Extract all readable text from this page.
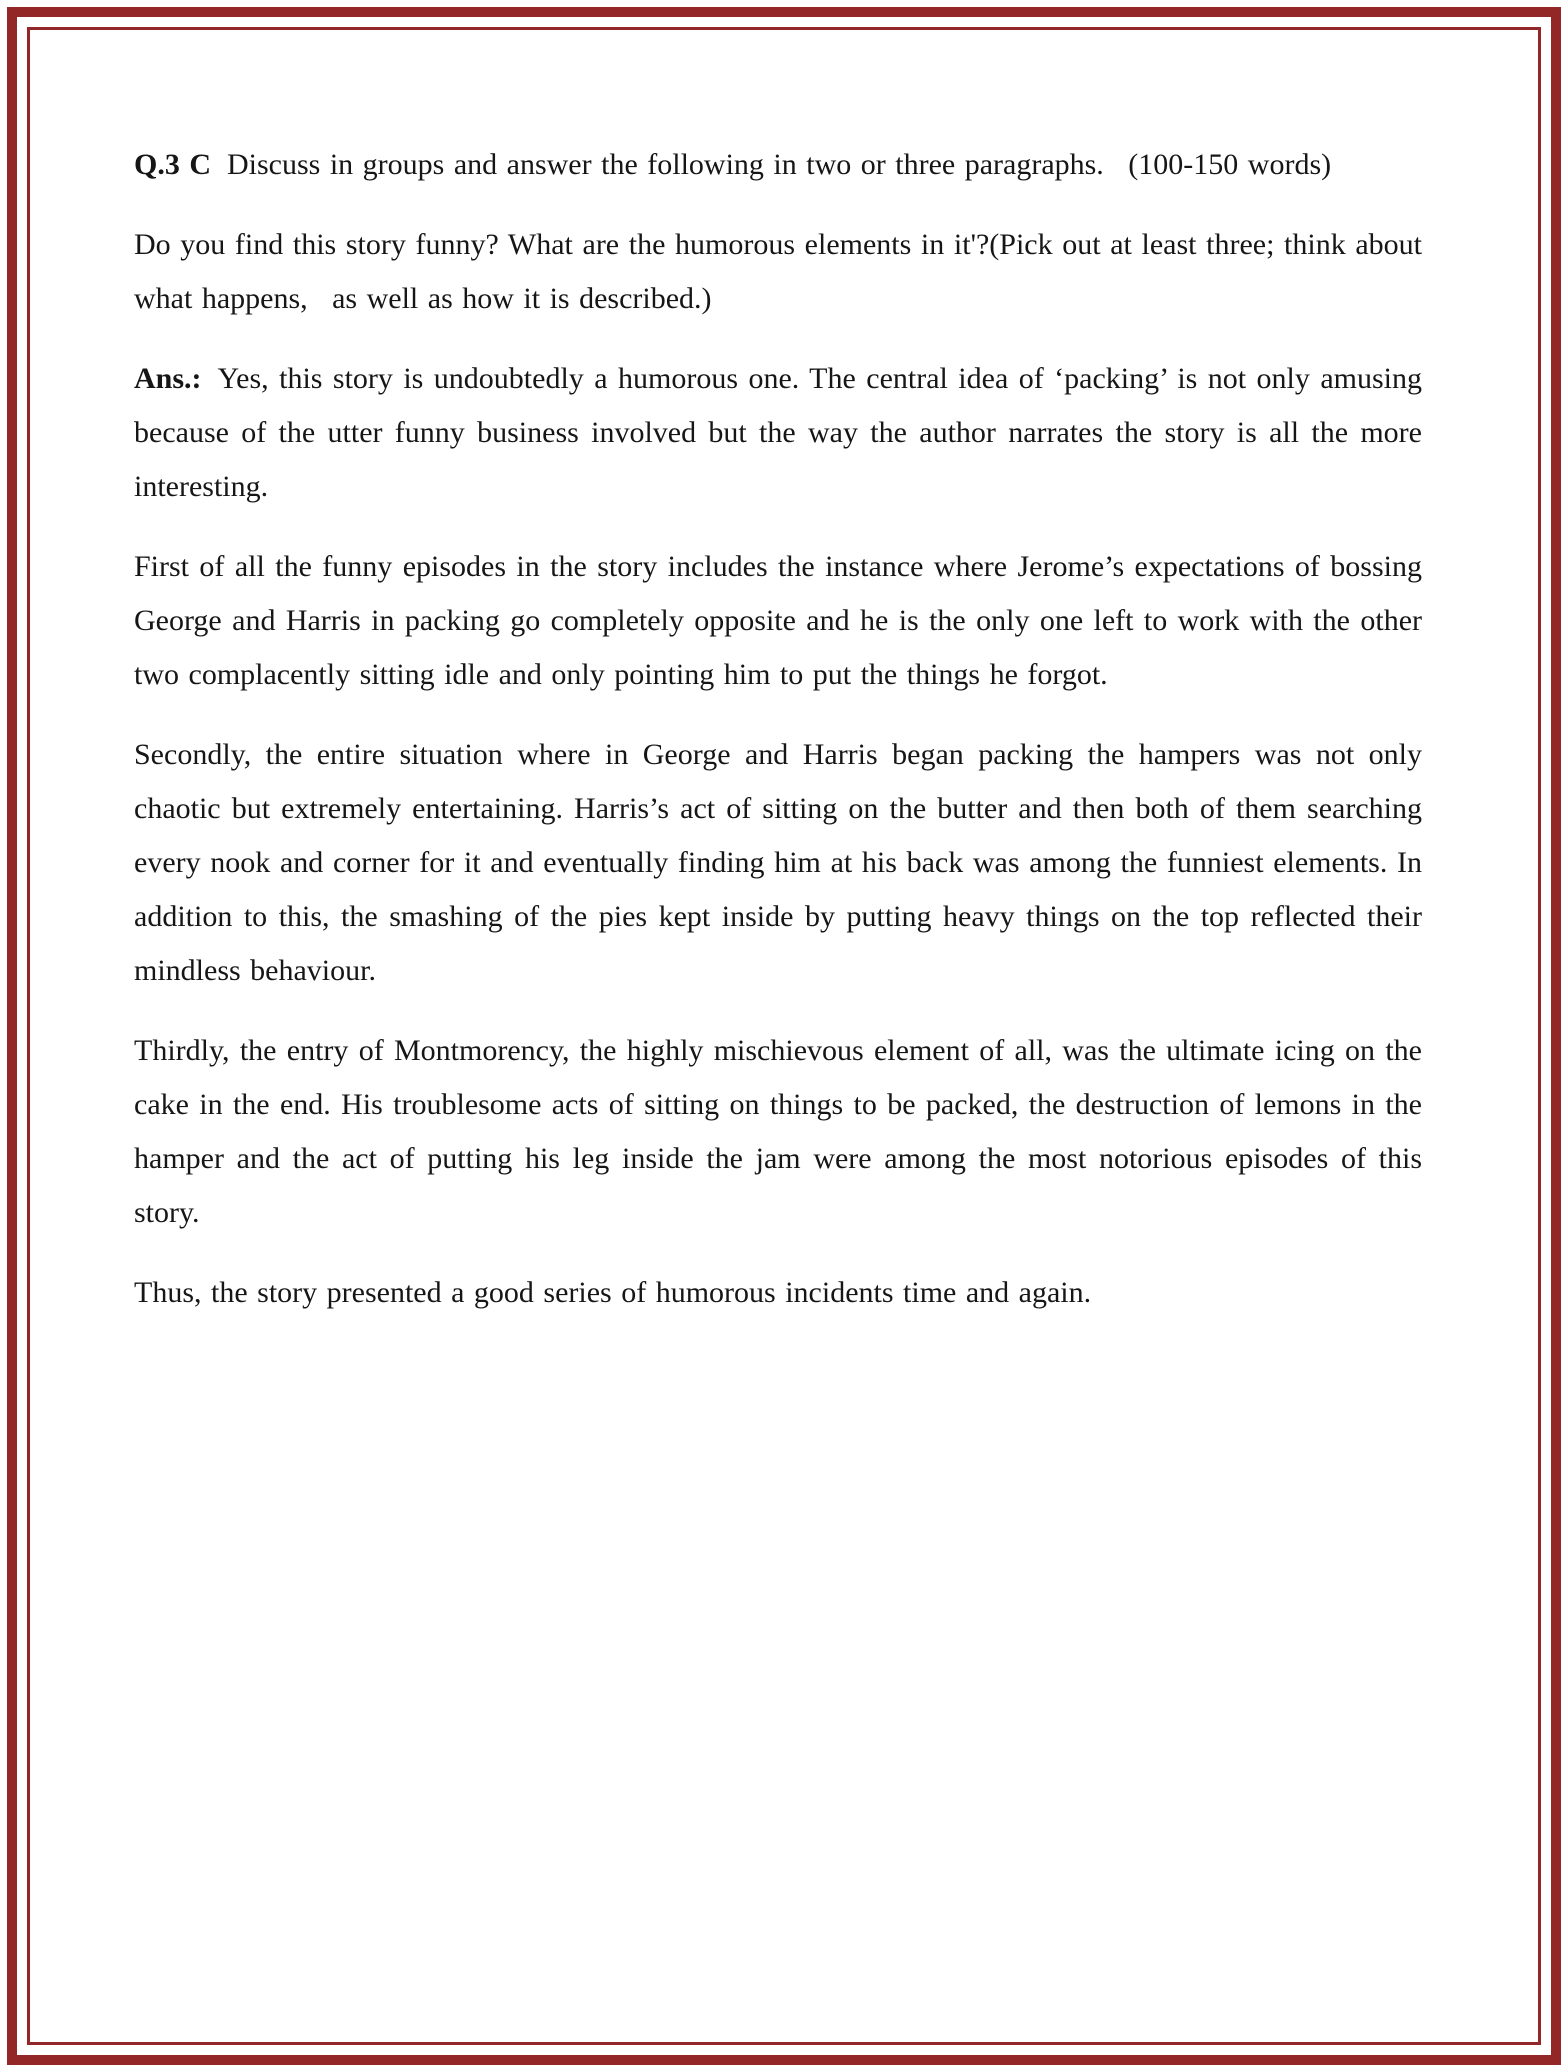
Q.3 C Discuss in groups and answer the following in two or three paragraphs.  (100-150 words)

Do you find this story funny? What are the humorous elements in it'?(Pick out at least three; think about what happens,  as well as how it is described.)

Ans.: Yes, this story is undoubtedly a humorous one. The central idea of ‘packing’ is not only amusing because of the utter funny business involved but the way the author narrates the story is all the more interesting.

First of all the funny episodes in the story includes the instance where Jerome’s expectations of bossing George and Harris in packing go completely opposite and he is the only one left to work with the other two complacently sitting idle and only pointing him to put the things he forgot.

Secondly, the entire situation where in George and Harris began packing the hampers was not only chaotic but extremely entertaining. Harris’s act of sitting on the butter and then both of them searching every nook and corner for it and eventually finding him at his back was among the funniest elements. In addition to this, the smashing of the pies kept inside by putting heavy things on the top reflected their mindless behaviour.

Thirdly, the entry of Montmorency, the highly mischievous element of all, was the ultimate icing on the cake in the end. His troublesome acts of sitting on things to be packed, the destruction of lemons in the hamper and the act of putting his leg inside the jam were among the most notorious episodes of this story.

Thus, the story presented a good series of humorous incidents time and again.
